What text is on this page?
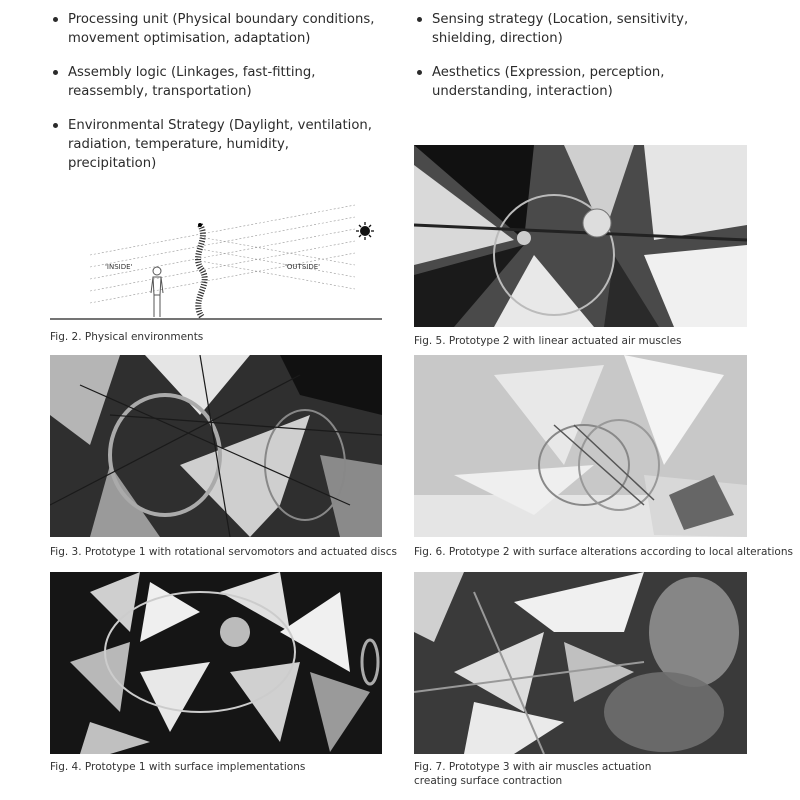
Processing unit (Physical boundary conditions, movement optimisation, adaptation)
Assembly logic (Linkages, fast-fitting, reassembly, transportation)
Environmental Strategy (Daylight, ventilation, radiation, temperature, humidity, precipitation)
Sensing strategy (Location, sensitivity, shielding, direction)
Aesthetics (Expression, perception, understanding, interaction)
'INSIDE'	'OUTSIDE'
Fig. 2. Physical environments	Fig. 5. Prototype 2 with linear actuated air muscles
Fig. 3. Prototype 1 with rotational servomotors and actuated discs Fig. 6. Prototype 2 with surface alterations according to local alterations
Fig. 4. Prototype 1 with surface implementations	Fig. 7. Prototype 3 with air muscles actuation
creating surface contraction
